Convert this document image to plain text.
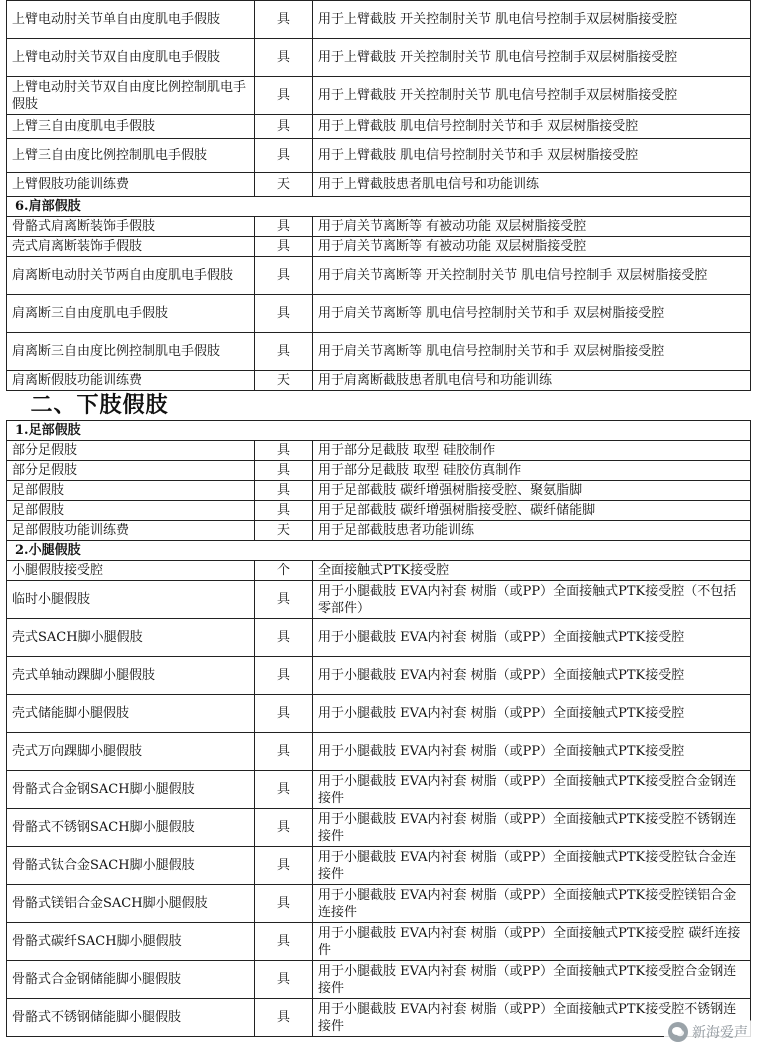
上臂电动肘关节单自由度肌电手假肢	具	用于上臂截肢 开关控制肘关节 肌电信号控制手双层树脂接受腔
上臂电动肘关节双自由度肌电手假肢	具	用于上臂截肢 开关控制肘关节 肌电信号控制手双层树脂接受腔
上臂电动肘关节双自由度比例控制肌电手假肢	具	用于上臂截肢 开关控制肘关节 肌电信号控制手双层树脂接受腔
上臂三自由度肌电手假肢	具	用于上臂截肢 肌电信号控制肘关节和手 双层树脂接受腔
上臂三自由度比例控制肌电手假肢	具	用于上臂截肢 肌电信号控制肘关节和手 双层树脂接受腔
上臂假肢功能训练费	天	用于上臂截肢患者肌电信号和功能训练
6.肩部假肢		
骨骼式肩离断装饰手假肢	具	用于肩关节离断等 有被动功能 双层树脂接受腔
壳式肩离断装饰手假肢	具	用于肩关节离断等 有被动功能 双层树脂接受腔
肩离断电动肘关节两自由度肌电手假肢	具	用于肩关节离断等 开关控制肘关节 肌电信号控制手 双层树脂接受腔
肩离断三自由度肌电手假肢	具	用于肩关节离断等 肌电信号控制肘关节和手 双层树脂接受腔
肩离断三自由度比例控制肌电手假肢	具	用于肩关节离断等 肌电信号控制肘关节和手 双层树脂接受腔
肩离断假肢功能训练费	天	用于肩离断截肢患者肌电信号和功能训练
二、下肢假肢		
1.足部假肢		
部分足假肢	具	用于部分足截肢 取型 硅胶制作
部分足假肢	具	用于部分足截肢 取型 硅胶仿真制作
足部假肢	具	用于足部截肢 碳纤增强树脂接受腔、聚氨脂脚
足部假肢	具	用于足部截肢 碳纤增强树脂接受腔、碳纤储能脚
足部假肢功能训练费	天	用于足部截肢患者功能训练
2.小腿假肢		
小腿假肢接受腔	个	全面接触式PTK接受腔
临时小腿假肢	具	用于小腿截肢 EVA内衬套 树脂（或PP）全面接触式PTK接受腔（不包括零部件）
壳式SACH脚小腿假肢	具	用于小腿截肢 EVA内衬套 树脂（或PP）全面接触式PTK接受腔
壳式单轴动踝脚小腿假肢	具	用于小腿截肢 EVA内衬套 树脂（或PP）全面接触式PTK接受腔
壳式储能脚小腿假肢	具	用于小腿截肢 EVA内衬套 树脂（或PP）全面接触式PTK接受腔
壳式万向踝脚小腿假肢	具	用于小腿截肢 EVA内衬套 树脂（或PP）全面接触式PTK接受腔
骨骼式合金钢SACH脚小腿假肢	具	用于小腿截肢 EVA内衬套 树脂（或PP）全面接触式PTK接受腔合金钢连接件
骨骼式不锈钢SACH脚小腿假肢	具	用于小腿截肢 EVA内衬套 树脂（或PP）全面接触式PTK接受腔不锈钢连接件
骨骼式钛合金SACH脚小腿假肢	具	用于小腿截肢 EVA内衬套 树脂（或PP）全面接触式PTK接受腔钛合金连接件
骨骼式镁铝合金SACH脚小腿假肢	具	用于小腿截肢 EVA内衬套 树脂（或PP）全面接触式PTK接受腔镁铝合金连接件
骨骼式碳纤SACH脚小腿假肢	具	用于小腿截肢 EVA内衬套 树脂（或PP）全面接触式PTK接受腔 碳纤连接件
骨骼式合金钢储能脚小腿假肢	具	用于小腿截肢 EVA内衬套 树脂（或PP）全面接触式PTK接受腔合金钢连接件
骨骼式不锈钢储能脚小腿假肢	具	用于小腿截肢 EVA内衬套 树脂（或PP）全面接触式PTK接受腔不锈钢连接件	新海爱声
